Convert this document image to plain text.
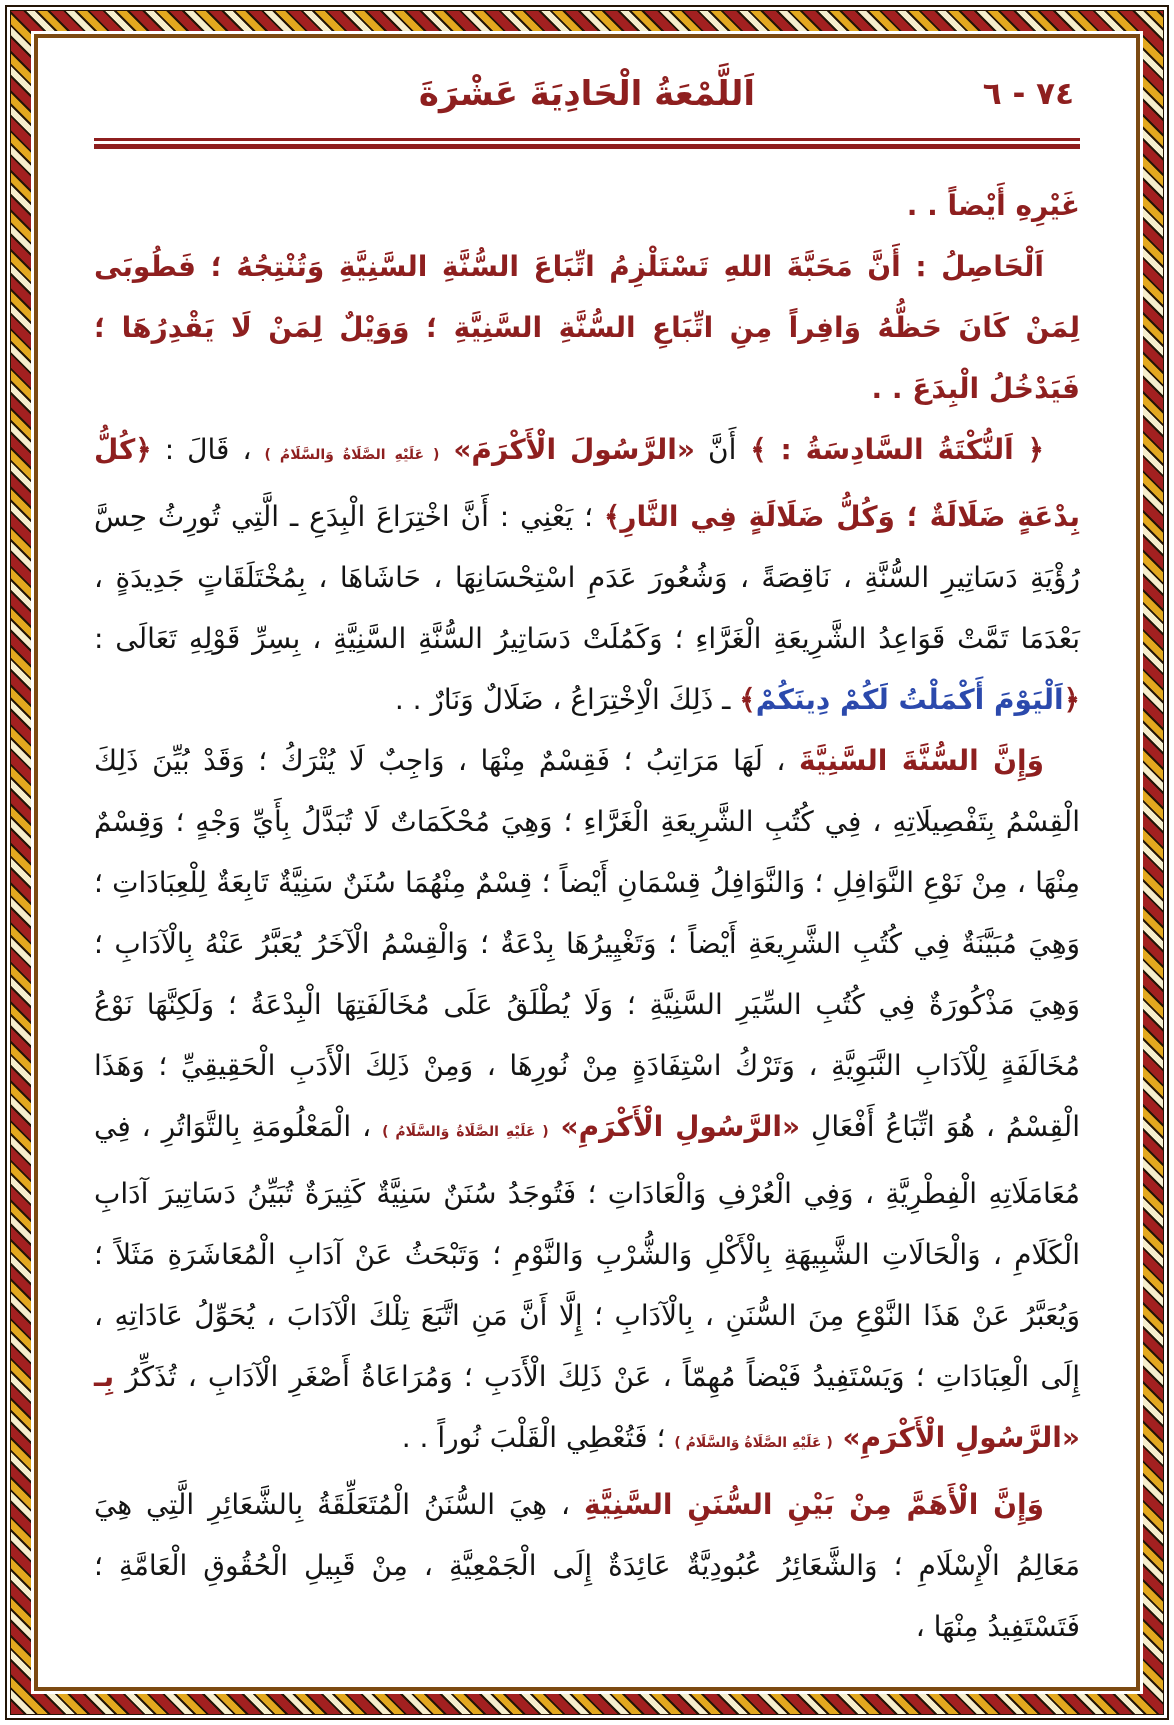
اَللَّمْعَةُ الْحَادِيَةَ عَشْرَةَ	٧٤ - ٦

غَيْرِهِ أَيْضاً . .

اَلْحَاصِلُ : أَنَّ مَحَبَّةَ اللهِ تَسْتَلْزِمُ اتِّبَاعَ السُّنَّةِ السَّنِيَّةِ وَتُنْتِجُهُ ؛ فَطُوبَى لِمَنْ كَانَ حَظُّهُ وَافِراً مِنِ اتِّبَاعِ السُّنَّةِ السَّنِيَّةِ ؛ وَوَيْلٌ لِمَنْ لَا يَقْدِرُهَا ؛ فَيَدْخُلُ الْبِدَعَ . .

﴿ اَلنُّكْتَةُ السَّادِسَةُ : ﴾ أَنَّ «الرَّسُولَ الْأَكْرَمَ» ( عَلَيْهِ الصَّلَاةُ وَالسَّلَامُ ) ، قَالَ : ﴿كُلُّ بِدْعَةٍ ضَلَالَةٌ ؛ وَكُلُّ ضَلَالَةٍ فِي النَّارِ﴾ ؛ يَعْنِي : أَنَّ اخْتِرَاعَ الْبِدَعِ ـ الَّتِي تُورِثُ حِسَّ رُؤْيَةِ دَسَاتِيرِ السُّنَّةِ ، نَاقِصَةً ، وَشُعُورَ عَدَمِ اسْتِحْسَانِهَا ، حَاشَاهَا ، بِمُخْتَلَقَاتٍ جَدِيدَةٍ ، بَعْدَمَا تَمَّتْ قَوَاعِدُ الشَّرِيعَةِ الْغَرَّاءِ ؛ وَكَمُلَتْ دَسَاتِيرُ السُّنَّةِ السَّنِيَّةِ ، بِسِرِّ قَوْلِهِ تَعَالَى : ﴿اَلْيَوْمَ أَكْمَلْتُ لَكُمْ دِينَكُمْ﴾ ـ ذَلِكَ الْاِخْتِرَاعُ ، ضَلَالٌ وَنَارٌ . .

وَإِنَّ السُّنَّةَ السَّنِيَّةَ ، لَهَا مَرَاتِبُ ؛ فَقِسْمٌ مِنْهَا ، وَاجِبٌ لَا يُتْرَكُ ؛ وَقَدْ بُيِّنَ ذَلِكَ الْقِسْمُ بِتَفْصِيلَاتِهِ ، فِي كُتُبِ الشَّرِيعَةِ الْغَرَّاءِ ؛ وَهِيَ مُحْكَمَاتٌ لَا تُبَدَّلُ بِأَيِّ وَجْهٍ ؛ وَقِسْمٌ مِنْهَا ، مِنْ نَوْعِ النَّوَافِلِ ؛ وَالنَّوَافِلُ قِسْمَانِ أَيْضاً ؛ قِسْمٌ مِنْهُمَا سُنَنٌ سَنِيَّةٌ تَابِعَةٌ لِلْعِبَادَاتِ ؛ وَهِيَ مُبَيَّنَةٌ فِي كُتُبِ الشَّرِيعَةِ أَيْضاً ؛ وَتَغْيِيرُهَا بِدْعَةٌ ؛ وَالْقِسْمُ الْآخَرُ يُعَبَّرُ عَنْهُ بِالْآدَابِ ؛ وَهِيَ مَذْكُورَةٌ فِي كُتُبِ السِّيَرِ السَّنِيَّةِ ؛ وَلَا يُطْلَقُ عَلَى مُخَالَفَتِهَا الْبِدْعَةُ ؛ وَلَكِنَّهَا نَوْعُ مُخَالَفَةٍ لِلْآدَابِ النَّبَوِيَّةِ ، وَتَرْكُ اسْتِفَادَةٍ مِنْ نُورِهَا ، وَمِنْ ذَلِكَ الْأَدَبِ الْحَقِيقِيِّ ؛ وَهَذَا الْقِسْمُ ، هُوَ اتِّبَاعُ أَفْعَالِ «الرَّسُولِ الْأَكْرَمِ» ( عَلَيْهِ الصَّلَاةُ وَالسَّلَامُ ) ، الْمَعْلُومَةِ بِالتَّوَاتُرِ ، فِي مُعَامَلَاتِهِ الْفِطْرِيَّةِ ، وَفِي الْعُرْفِ وَالْعَادَاتِ ؛ فَتُوجَدُ سُنَنٌ سَنِيَّةٌ كَثِيرَةٌ تُبَيِّنُ دَسَاتِيرَ آدَابِ الْكَلَامِ ، وَالْحَالَاتِ الشَّبِيهَةِ بِالْأَكْلِ وَالشُّرْبِ وَالنَّوْمِ ؛ وَتَبْحَثُ عَنْ آدَابِ الْمُعَاشَرَةِ مَثَلاً ؛ وَيُعَبَّرُ عَنْ هَذَا النَّوْعِ مِنَ السُّنَنِ ، بِالْآدَابِ ؛ إِلَّا أَنَّ مَنِ اتَّبَعَ تِلْكَ الْآدَابَ ، يُحَوِّلُ عَادَاتِهِ ، إِلَى الْعِبَادَاتِ ؛ وَيَسْتَفِيدُ فَيْضاً مُهِمّاً ، عَنْ ذَلِكَ الْأَدَبِ ؛ وَمُرَاعَاةُ أَصْغَرِ الْآدَابِ ، تُذَكِّرُ بِـ «الرَّسُولِ الْأَكْرَمِ» ( عَلَيْهِ الصَّلَاةُ وَالسَّلَامُ ) ؛ فَتُعْطِي الْقَلْبَ نُوراً . .

وَإِنَّ الْأَهَمَّ مِنْ بَيْنِ السُّنَنِ السَّنِيَّةِ ، هِيَ السُّنَنُ الْمُتَعَلِّقَةُ بِالشَّعَائِرِ الَّتِي هِيَ مَعَالِمُ الْإِسْلَامِ ؛ وَالشَّعَائِرُ عُبُودِيَّةٌ عَائِدَةٌ إِلَى الْجَمْعِيَّةِ ، مِنْ قَبِيلِ الْحُقُوقِ الْعَامَّةِ ؛ فَتَسْتَفِيدُ مِنْهَا ،
